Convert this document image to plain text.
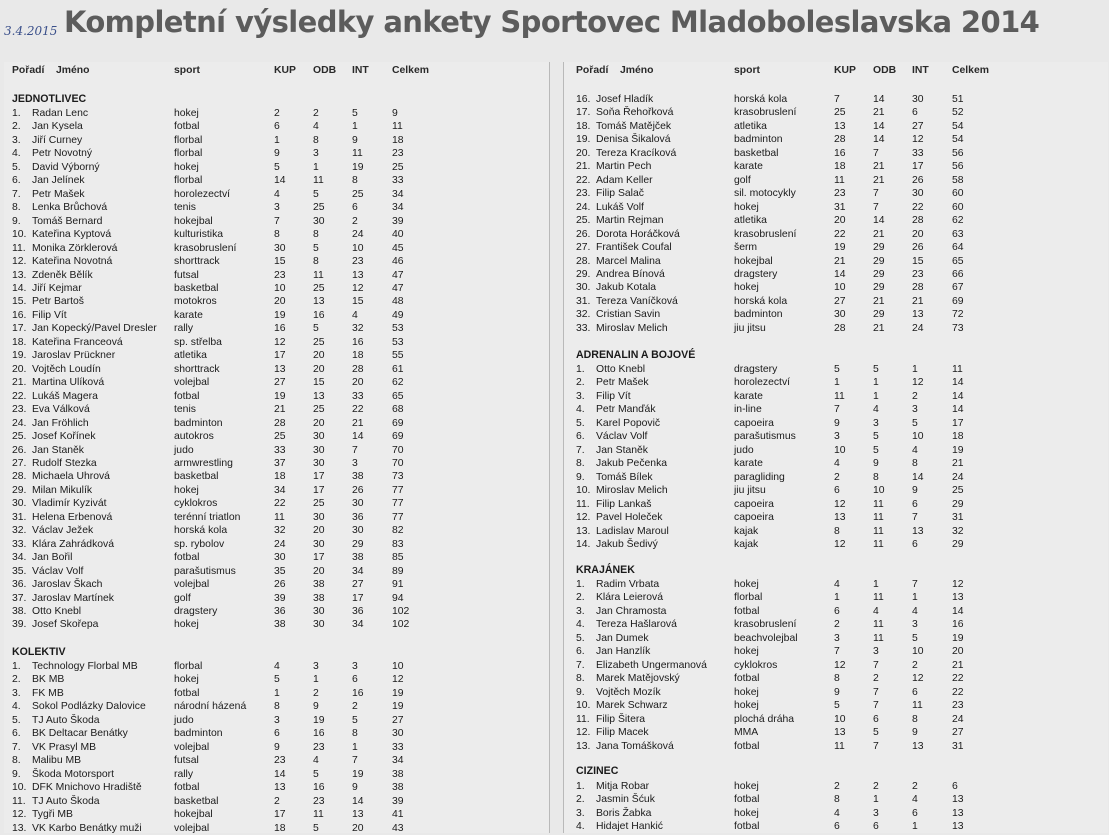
3.4.2015 Kompletní výsledky ankety Sportovec Mladoboleslavska 2014
Pořadí Jméno	sport	KUP ODB INT Celkem
JEDNOTLIVEC
1.	Radan Lenc	hokej	2	2	5	9
2.	Jan Kysela	fotbal	6	4	1	11
3.	Jiří Curney	florbal	1	8	9	18
4.	Petr Novotný	florbal	9	3	11	23
5.	David Výborný	hokej	5	1	19	25
6.	Jan Jelínek	florbal	14	11	8	33
7.	Petr Mašek	horolezectví	4	5	25	34
8.	Lenka Brůchová	tenis	3	25	6	34
9.	Tomáš Bernard	hokejbal	7	30	2	39
10. Kateřina Kyptová	kulturistika	8	8	24	40
11. Monika Zörklerová	krasobruslení	30	5	10	45
12. Kateřina Novotná	shorttrack	15	8	23	46
13. Zdeněk Bělík	futsal	23	11	13	47
14. Jiří Kejmar	basketbal	10	25	12	47
15. Petr Bartoš	motokros	20	13	15	48
16. Filip Vít	karate	19	16	4	49
17. Jan Kopecký/Pavel Dresler	rally	16	5	32	53
18. Kateřina Franceová	sp. střelba	12	25	16	53
19. Jaroslav Prückner	atletika	17	20	18	55
20. Vojtěch Loudín	shorttrack	13	20	28	61
21. Martina Ulíková	volejbal	27	15	20	62
22. Lukáš Magera	fotbal	19	13	33	65
23. Eva Válková	tenis	21	25	22	68
24. Jan Fröhlich	badminton	28	20	21	69
25. Josef Kořínek	autokros	25	30	14	69
26. Jan Staněk	judo	33	30	7	70
27. Rudolf Stezka	armwrestling	37	30	3	70
28. Michaela Uhrová	basketbal	18	17	38	73
29. Milan Mikulík	hokej	34	17	26	77
30. Vladimír Kyzivát	cyklokros	22	25	30	77
31. Helena Erbenová	terénní triatlon	11	30	36	77
32. Václav Ježek	horská kola	32	20	30	82
33. Klára Zahrádková	sp. rybolov	24	30	29	83
34. Jan Bořil	fotbal	30	17	38	85
35. Václav Volf	parašutismus	35	20	34	89
36. Jaroslav Škach	volejbal	26	38	27	91
37. Jaroslav Martínek	golf	39	38	17	94
38. Otto Knebl	dragstery	36	30	36	102
39. Josef Skořepa	hokej	38	30	34	102
KOLEKTIV
1.	Technology Florbal MB	florbal	4	3	3	10
2.	BK MB	hokej	5	1	6	12
3.	FK MB	fotbal	1	2	16	19
4.	Sokol Podlázky Dalovice	národní házená	8	9	2	19
5.	TJ Auto Škoda	judo	3	19	5	27
6.	BK Deltacar Benátky	badminton	6	16	8	30
7.	VK Prasyl MB	volejbal	9	23	1	33
8.	Malibu MB	futsal	23	4	7	34
9.	Škoda Motorsport	rally	14	5	19	38
10. DFK Mnichovo Hradiště	fotbal	13	16	9	38
11. TJ Auto Škoda	basketbal	2	23	14	39
12. Tygři MB	hokejbal	17	11	13	41
13. VK Karbo Benátky muži	volejbal	18	5	20	43
Pořadí Jméno	sport	KUP ODB INT Celkem
16. Josef Hladík	horská kola	7	14	30	51
17. Soňa Řehořková	krasobruslení	25	21	6	52
18. Tomáš Matějček	atletika	13	14	27	54
19. Denisa Šikalová	badminton	28	14	12	54
20. Tereza Kracíková	basketbal	16	7	33	56
21. Martin Pech	karate	18	21	17	56
22. Adam Keller	golf	11	21	26	58
23. Filip Salač	sil. motocykly	23	7	30	60
24. Lukáš Volf	hokej	31	7	22	60
25. Martin Rejman	atletika	20	14	28	62
26. Dorota Horáčková	krasobruslení	22	21	20	63
27. František Coufal	šerm	19	29	26	64
28. Marcel Malina	hokejbal	21	29	15	65
29. Andrea Bínová	dragstery	14	29	23	66
30. Jakub Kotala	hokej	10	29	28	67
31. Tereza Vaníčková	horská kola	27	21	21	69
32. Cristian Savin	badminton	30	29	13	72
33. Miroslav Melich	jiu jitsu	28	21	24	73
ADRENALIN A BOJOVÉ
1.	Otto Knebl	dragstery	5	5	1	11
2.	Petr Mašek	horolezectví	1	1	12	14
3.	Filip Vít	karate	11	1	2	14
4.	Petr Manďák	in-line	7	4	3	14
5.	Karel Popovič	capoeira	9	3	5	17
6.	Václav Volf	parašutismus	3	5	10	18
7.	Jan Staněk	judo	10	5	4	19
8.	Jakub Pečenka	karate	4	9	8	21
9.	Tomáš Bílek	paragliding	2	8	14	24
10. Miroslav Melich	jiu jitsu	6	10	9	25
11. Filip Lankaš	capoeira	12	11	6	29
12. Pavel Holeček	capoeira	13	11	7	31
13. Ladislav Maroul	kajak	8	11	13	32
14. Jakub Šedivý	kajak	12	11	6	29
KRAJÁNEK
1.	Radim Vrbata	hokej	4	1	7	12
2.	Klára Leierová	florbal	1	11	1	13
3.	Jan Chramosta	fotbal	6	4	4	14
4.	Tereza Hašlarová	krasobruslení	2	11	3	16
5.	Jan Dumek	beachvolejbal	3	11	5	19
6.	Jan Hanzlík	hokej	7	3	10	20
7.	Elizabeth Ungermanová	cyklokros	12	7	2	21
8.	Marek Matějovský	fotbal	8	2	12	22
9.	Vojtěch Mozík	hokej	9	7	6	22
10. Marek Schwarz	hokej	5	7	11	23
11. Filip Šitera	plochá dráha	10	6	8	24
12. Filip Macek	MMA	13	5	9	27
13. Jana Tomášková	fotbal	11	7	13	31
CIZINEC
1.	Mitja Robar	hokej	2	2	2	6
2.	Jasmin Šćuk	fotbal	8	1	4	13
3.	Boris Žabka	hokej	4	3	6	13
4.	Hidajet Hankić	fotbal	6	6	1	13
